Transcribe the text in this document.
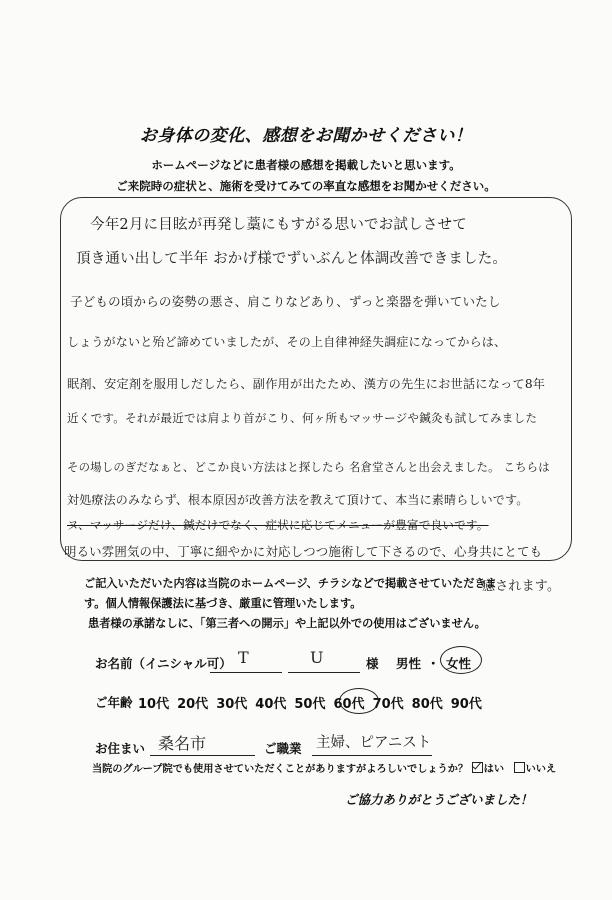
お身体の変化、感想をお聞かせください！
ホームページなどに患者様の感想を掲載したいと思います。
ご来院時の症状と、施術を受けてみての率直な感想をお聞かせください。
今年2月に目眩が再発し藁にもすがる思いでお試しさせて
頂き通い出して半年 おかげ様でずいぶんと体調改善できました。
子どもの頃からの姿勢の悪さ、肩こりなどあり、ずっと楽器を弾いていたし
しょうがないと殆ど諦めていましたが、その上自律神経失調症になってからは、
眠剤、安定剤を服用しだしたら、副作用が出たため、漢方の先生にお世話になって8年
近くです。それが最近では肩より首がこり、何ヶ所もマッサージや鍼灸も試してみました
その場しのぎだなぁと、どこか良い方法はと探したら 名倉堂さんと出会えました。 こちらは
対処療法のみならず、根本原因が改善方法を教えて頂けて、本当に素晴らしいです。
ヌ、マッサージだけ、鍼だけでなく、症状に応じてメニューが豊富で良いです。
明るい雰囲気の中、丁寧に細やかに対応しつつ施術して下さるので、心身共にとても
癒されます。
ご記入いただいた内容は当院のホームページ、チラシなどで掲載させていただきま
す。個人情報保護法に基づき、厳重に管理いたします。
患者様の承諾なしに、「第三者への開示」や上記以外での使用はございません。
お名前（イニシャル可） T	U	様 男性 ・ 女性
ご年齢 10代 20代 30代 40代 50代 60代 70代 80代 90代
お住まい 桑名市	ご職業 主婦、ピアニスト
当院のグループ院でも使用させていただくことがありますがよろしいでしょうか？ はい いいえ
ご協力ありがとうございました！
